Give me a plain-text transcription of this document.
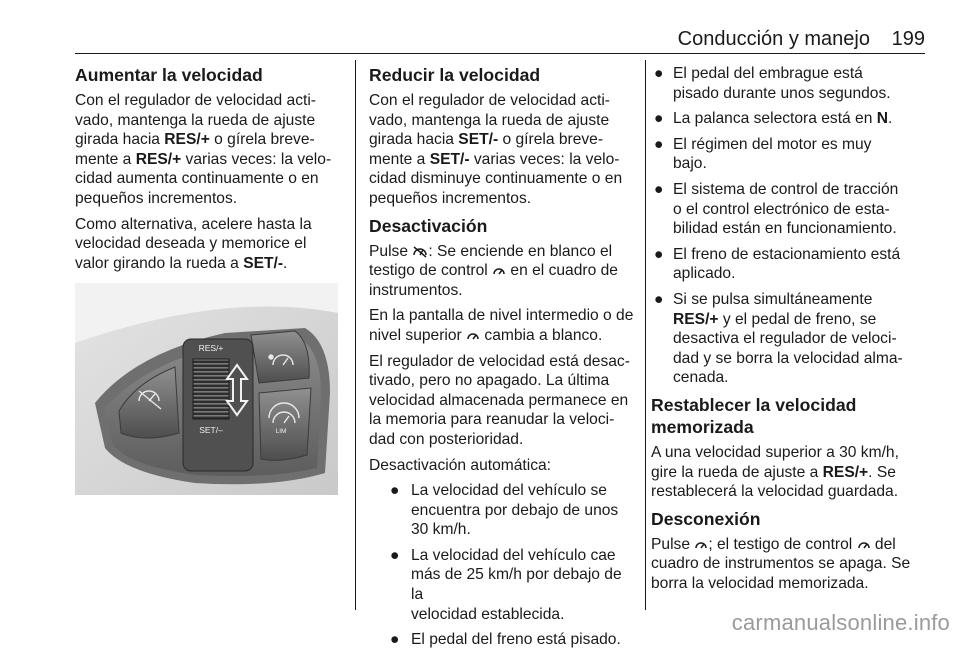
Conducción y manejo 199
Aumentar la velocidad

Con el regulador de velocidad acti-
vado, mantenga la rueda de ajuste
girada hacia RES/+ o gírela breve-
mente a RES/+ varias veces: la velo-
cidad aumenta continuamente o en
pequeños incrementos.

Como alternativa, acelere hasta la
velocidad deseada y memorice el
valor girando la rueda a SET/-.

RES/+
SET/–	LIM
Reducir la velocidad

Con el regulador de velocidad acti-
vado, mantenga la rueda de ajuste
girada hacia SET/- o gírela breve-
mente a SET/- varias veces: la velo-
cidad disminuye continuamente o en
pequeños incrementos.

Desactivación

Pulse : Se enciende en blanco el
testigo de control  en el cuadro de
instrumentos.

En la pantalla de nivel intermedio o de
nivel superior  cambia a blanco.

El regulador de velocidad está desac-
tivado, pero no apagado. La última
velocidad almacenada permanece en
la memoria para reanudar la veloci-
dad con posterioridad.

Desactivación automática:

● La velocidad del vehículo se
encuentra por debajo de unos
30 km/h.
● La velocidad del vehículo cae
más de 25 km/h por debajo de la
velocidad establecida.
● El pedal del freno está pisado.
● El pedal del embrague está
pisado durante unos segundos.
● La palanca selectora está en N.
● El régimen del motor es muy
bajo.
● El sistema de control de tracción
o el control electrónico de esta-
bilidad están en funcionamiento.
● El freno de estacionamiento está
aplicado.
● Si se pulsa simultáneamente
RES/+ y el pedal de freno, se
desactiva el regulador de veloci-
dad y se borra la velocidad alma-
cenada.
Restablecer la velocidad
memorizada

A una velocidad superior a 30 km/h,
gire la rueda de ajuste a RES/+. Se
restablecerá la velocidad guardada.

Desconexión

Pulse ; el testigo de control  del
cuadro de instrumentos se apaga. Se
borra la velocidad memorizada.

carmanualsonline.info
